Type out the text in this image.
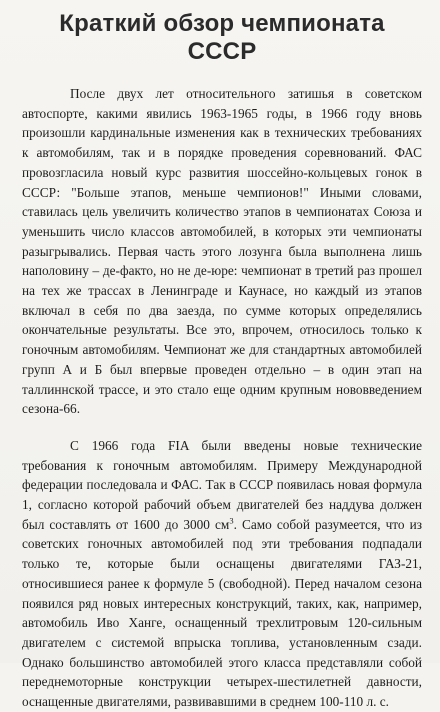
Краткий обзор чемпионата
СССР

После двух лет относительного затишья в советском автоспорте, какими явились 1963-1965 годы, в 1966 году вновь произошли кардинальные изменения как в технических требованиях к автомобилям, так и в порядке проведения соревнований. ФАС провозгласила новый курс развития шоссейно-кольцевых гонок в СССР: "Больше этапов, меньше чемпионов!" Иными словами, ставилась цель увеличить количество этапов в чемпионатах Союза и уменьшить число классов автомобилей, в которых эти чемпионаты разыгрывались. Первая часть этого лозунга была выполнена лишь наполовину – де-факто, но не де-юре: чемпионат в третий раз прошел на тех же трассах в Ленинграде и Каунасе, но каждый из этапов включал в себя по два заезда, по сумме которых определялись окончательные результаты. Все это, впрочем, относилось только к гоночным автомобилям. Чемпионат же для стандартных автомобилей групп А и Б был впервые проведен отдельно – в один этап на таллиннской трассе, и это стало еще одним крупным нововведением сезона-66.

С 1966 года FIA были введены новые технические требования к гоночным автомобилям. Примеру Международной федерации последовала и ФАС. Так в СССР появилась новая формула 1, согласно которой рабочий объем двигателей без наддува должен был составлять от 1600 до 3000 $см^3$. Само собой разумеется, что из советских гоночных автомобилей под эти требования подпадали только те, которые были оснащены двигателями ГАЗ-21, относившиеся ранее к формуле 5 (свободной). Перед началом сезона появился ряд новых интересных конструкций, таких, как, например, автомобиль Иво Ханге, оснащенный трехлитровым 120-сильным двигателем с системой впрыска топлива, установленным сзади. Однако большинство автомобилей этого класса представляли собой переднемоторные конструкции четырех-шестилетней давности, оснащенные двигателями, развивавшими в среднем 100-110 л. с.
